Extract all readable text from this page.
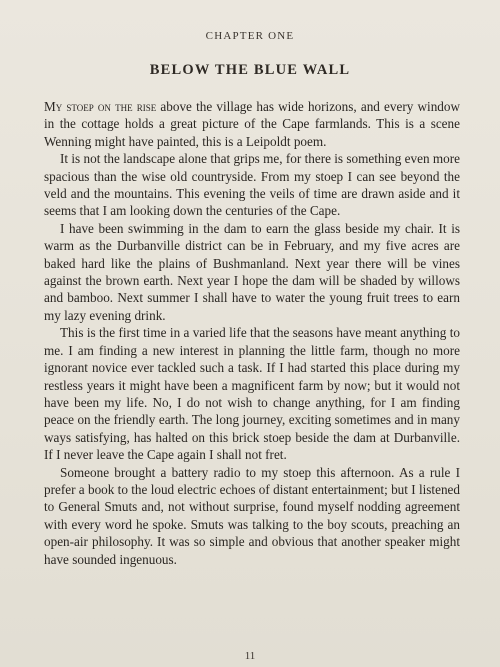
CHAPTER ONE
BELOW THE BLUE WALL

My stoep on the rise above the village has wide horizons, and every window in the cottage holds a great picture of the Cape farmlands. This is a scene Wenning might have painted, this is a Leipoldt poem.

It is not the landscape alone that grips me, for there is something even more spacious than the wise old countryside. From my stoep I can see beyond the veld and the mountains. This evening the veils of time are drawn aside and it seems that I am looking down the centuries of the Cape.

I have been swimming in the dam to earn the glass beside my chair. It is warm as the Durbanville district can be in February, and my five acres are baked hard like the plains of Bushmanland. Next year there will be vines against the brown earth. Next year I hope the dam will be shaded by willows and bamboo. Next summer I shall have to water the young fruit trees to earn my lazy evening drink.

This is the first time in a varied life that the seasons have meant anything to me. I am finding a new interest in planning the little farm, though no more ignorant novice ever tackled such a task. If I had started this place during my restless years it might have been a magnificent farm by now; but it would not have been my life. No, I do not wish to change anything, for I am finding peace on the friendly earth. The long journey, exciting sometimes and in many ways satisfying, has halted on this brick stoep beside the dam at Durbanville. If I never leave the Cape again I shall not fret.

Someone brought a battery radio to my stoep this afternoon. As a rule I prefer a book to the loud electric echoes of distant entertainment; but I listened to General Smuts and, not without surprise, found myself nodding agreement with every word he spoke. Smuts was talking to the boy scouts, preaching an open-air philosophy. It was so simple and obvious that another speaker might have sounded ingenuous.

11
